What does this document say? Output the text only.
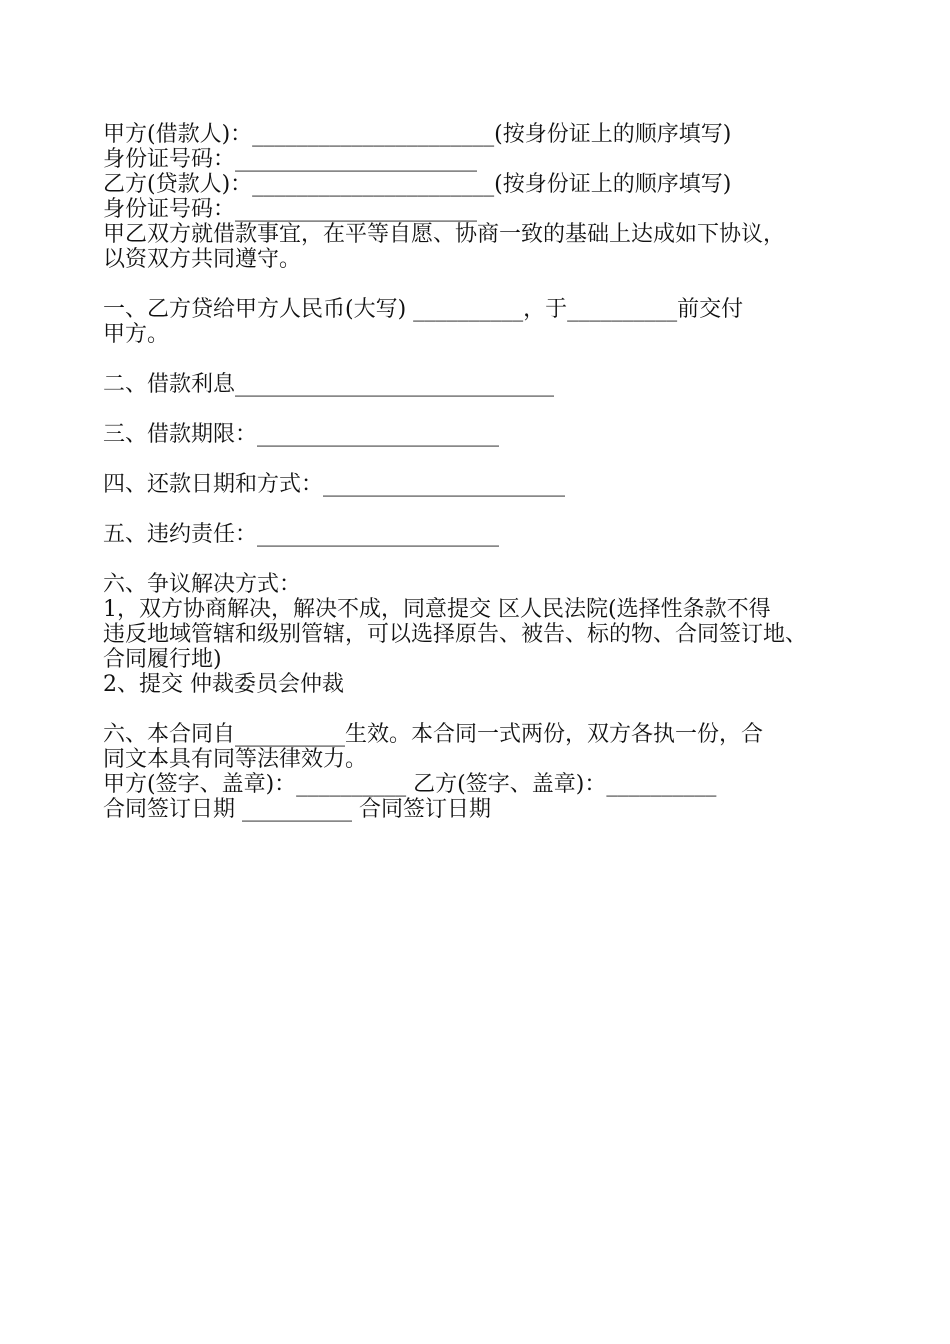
甲方(借款人)：______________________(按身份证上的顺序填写)
身份证号码：______________________
乙方(贷款人)：______________________(按身份证上的顺序填写)
身份证号码：______________________
甲乙双方就借款事宜，在平等自愿、协商一致的基础上达成如下协议，
以资双方共同遵守。
一、乙方贷给甲方人民币(大写) __________，于__________前交付
甲方。
二、借款利息_____________________________
三、借款期限：______________________
四、还款日期和方式：______________________
五、违约责任：______________________
六、争议解决方式：
1，双方协商解决，解决不成，同意提交 区人民法院(选择性条款不得
违反地域管辖和级别管辖，可以选择原告、被告、标的物、合同签订地、
合同履行地)
2、提交 仲裁委员会仲裁
六、本合同自__________生效。本合同一式两份，双方各执一份，合
同文本具有同等法律效力。
甲方(签字、盖章)：__________ 乙方(签字、盖章)：__________
合同签订日期 __________ 合同签订日期
